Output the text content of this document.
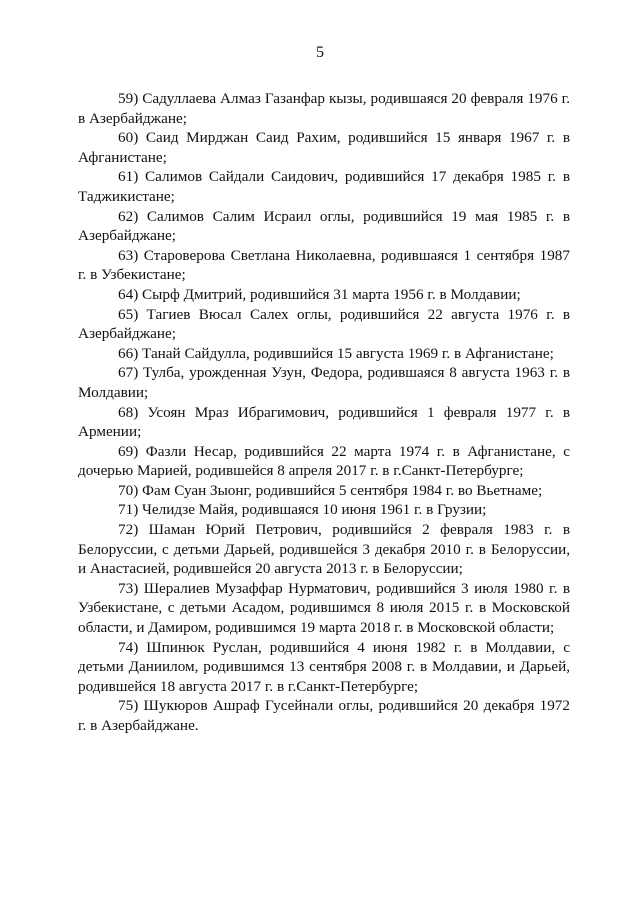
5

59) Садуллаева Алмаз Газанфар кызы, родившаяся 20 февраля 1976 г. в Азербайджане;

60) Саид Мирджан Саид Рахим, родившийся 15 января 1967 г. в Афганистане;

61) Салимов Сайдали Саидович, родившийся 17 декабря 1985 г. в Таджикистане;

62) Салимов Салим Исраил оглы, родившийся 19 мая 1985 г. в Азербайджане;

63) Староверова Светлана Николаевна, родившаяся 1 сентября 1987 г. в Узбекистане;

64) Сырф Дмитрий, родившийся 31 марта 1956 г. в Молдавии;

65) Тагиев Вюсал Салех оглы, родившийся 22 августа 1976 г. в Азербайджане;

66) Танай Сайдулла, родившийся 15 августа 1969 г. в Афганистане;

67) Тулба, урожденная Узун, Федора, родившаяся 8 августа 1963 г. в Молдавии;

68) Усоян Мраз Ибрагимович, родившийся 1 февраля 1977 г. в Армении;

69) Фазли Несар, родившийся 22 марта 1974 г. в Афганистане, с дочерью Марией, родившейся 8 апреля 2017 г. в г.Санкт-Петербурге;

70) Фам Суан Зыонг, родившийся 5 сентября 1984 г. во Вьетнаме;

71) Челидзе Майя, родившаяся 10 июня 1961 г. в Грузии;

72) Шаман Юрий Петрович, родившийся 2 февраля 1983 г. в Белоруссии, с детьми Дарьей, родившейся 3 декабря 2010 г. в Белоруссии, и Анастасией, родившейся 20 августа 2013 г. в Белоруссии;

73) Шералиев Музаффар Нурматович, родившийся 3 июля 1980 г. в Узбекистане, с детьми Асадом, родившимся 8 июля 2015 г. в Московской области, и Дамиром, родившимся 19 марта 2018 г. в Московской области;

74) Шпинюк Руслан, родившийся 4 июня 1982 г. в Молдавии, с детьми Даниилом, родившимся 13 сентября 2008 г. в Молдавии, и Дарьей, родившейся 18 августа 2017 г. в г.Санкт-Петербурге;

75) Шукюров Ашраф Гусейнали оглы, родившийся 20 декабря 1972 г. в Азербайджане.
